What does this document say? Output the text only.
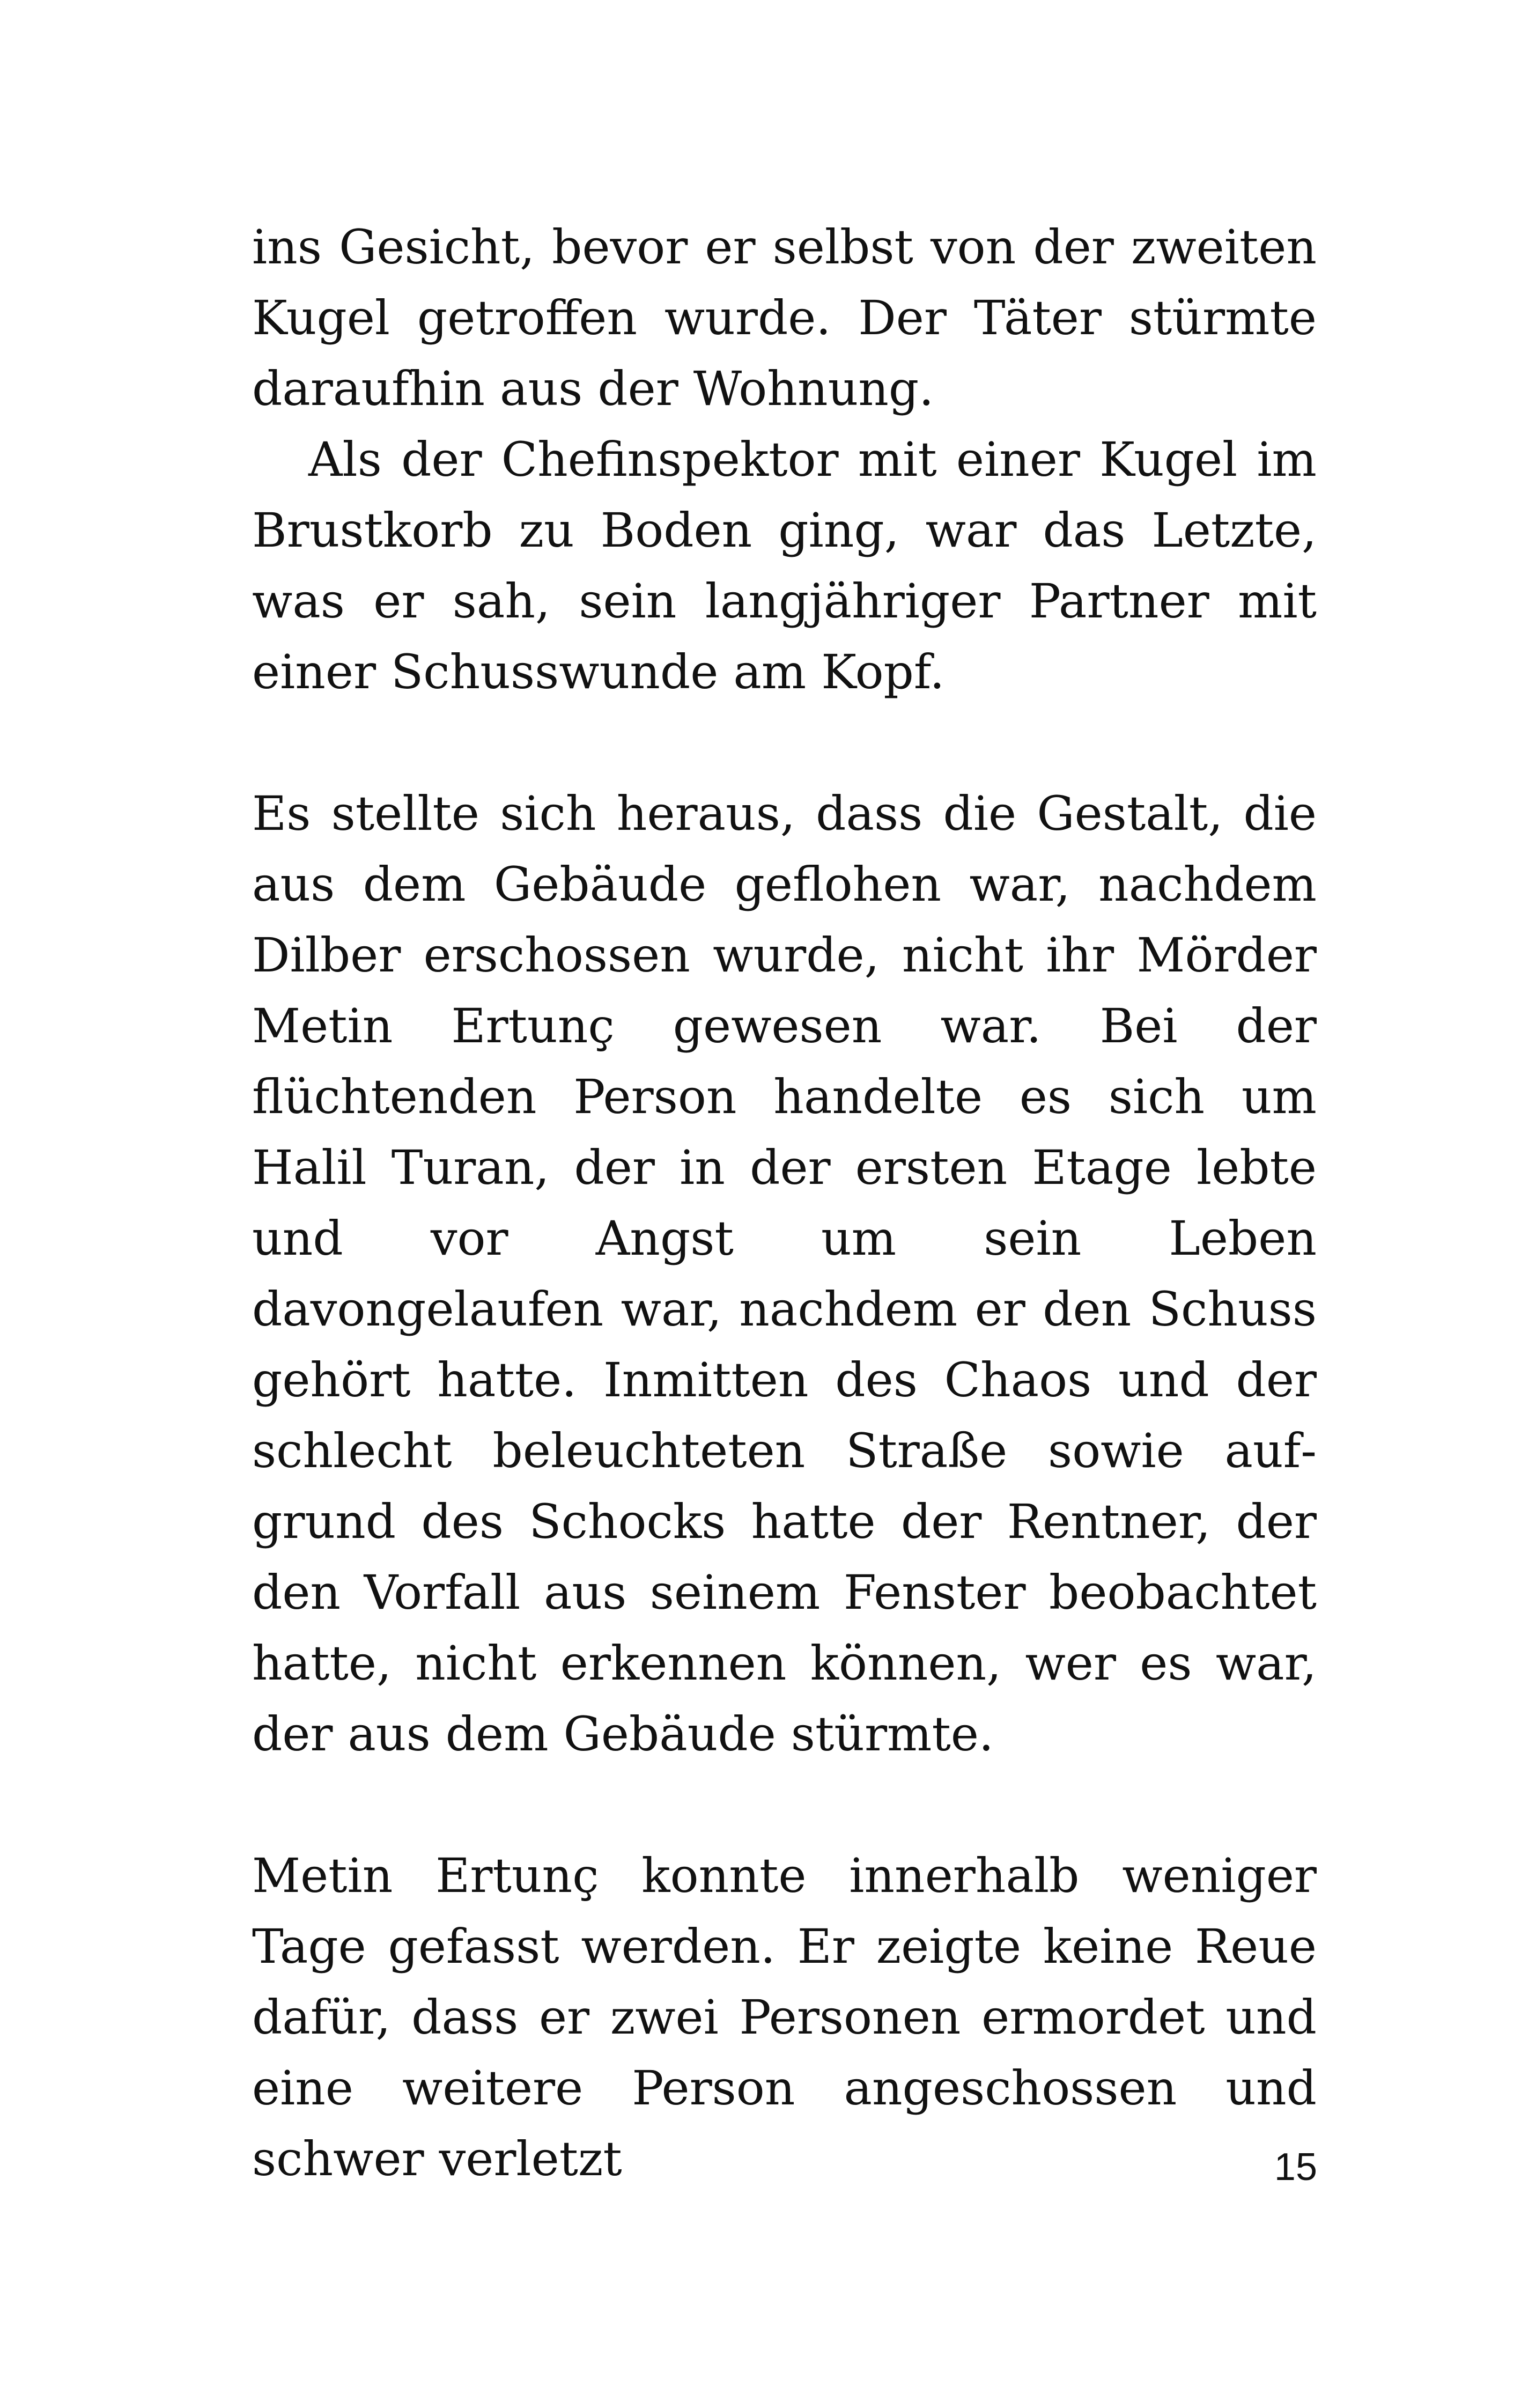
ins Gesicht, bevor er selbst von der zweiten Kugel getroffen wurde. Der Täter stürmte daraufhin aus der Wohnung.

Als der Chefinspektor mit einer Kugel im Brustkorb zu Boden ging, war das Letzte, was er sah, sein langjähriger Partner mit einer Schusswunde am Kopf.

Es stellte sich heraus, dass die Gestalt, die aus dem Gebäude geflohen war, nachdem Dilber erschossen wurde, nicht ihr Mörder Metin Ertunç gewesen war. Bei der flüchtenden Person handelte es sich um Halil Turan, der in der ersten Etage lebte und vor Angst um sein Leben davongelaufen war, nachdem er den Schuss gehört hatte. Inmitten des Chaos und der schlecht beleuchteten Straße sowie aufgrund des Schocks hatte der Rentner, der den Vorfall aus seinem Fenster beobachtet hatte, nicht erkennen können, wer es war, der aus dem Gebäude stürmte.

Metin Ertunç konnte innerhalb weniger Tage gefasst werden. Er zeigte keine Reue dafür, dass er zwei Personen ermordet und eine weitere Person angeschossen und schwer verletzt	15
